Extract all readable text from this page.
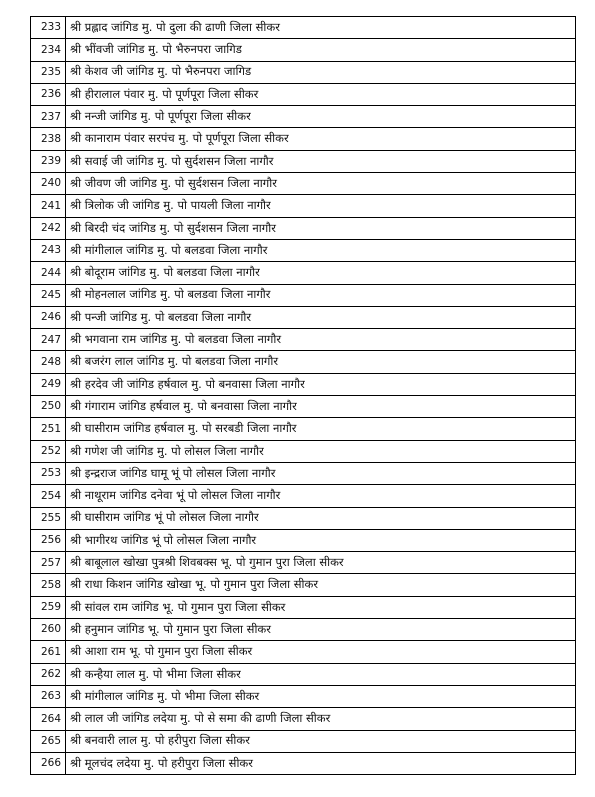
233	श्री प्रह्लाद जांगिड मु. पो दुला की ढाणी जिला सीकर
234	श्री भींवजी जांगिड मु. पो भैरुनपरा जागिड
235	श्री केशव जी जांगिड मु. पो भैरुनपरा जागिड
236	श्री हीरालाल पंवार मु. पो पूर्णपूरा जिला सीकर
237	श्री नन्जी जांगिड मु. पो पूर्णपूरा जिला सीकर
238	श्री कानाराम पंवार सरपंच मु. पो पूर्णपूरा जिला सीकर
239	श्री सवाई जी जांगिड मु. पो सुर्दशसन जिला नागौर
240	श्री जीवण जी जांगिड मु. पो सुर्दशसन जिला नागौर
241	श्री त्रिलोक जी जांगिड मु. पो पायली जिला नागौर
242	श्री बिरदी चंद जांगिड मु. पो सुर्दशसन जिला नागौर
243	श्री मांगीलाल जांगिड मु. पो बलडवा जिला नागौर
244	श्री बोदूराम जांगिड मु. पो बलडवा जिला नागौर
245	श्री मोहनलाल जांगिड मु. पो बलडवा जिला नागौर
246	श्री पन्जी जांगिड मु. पो बलडवा जिला नागौर
247	श्री भगवाना राम जांगिड मु. पो बलडवा जिला नागौर
248	श्री बजरंग लाल जांगिड मु. पो बलडवा जिला नागौर
249	श्री हरदेव जी जांगिड हर्षवाल मु. पो बनवासा जिला नागौर
250	श्री गंगाराम जांगिड हर्षवाल मु. पो बनवासा जिला नागौर
251	श्री घासीराम जांगिड हर्षवाल मु. पो सरबडी जिला नागौर
252	श्री गणेश जी जांगिड मु. पो लोसल जिला नागौर
253	श्री इन्द्रराज जांगिड घामू भूं पो लोसल जिला नागौर
254	श्री नाथूराम जांगिड दनेवा भूं पो लोसल जिला नागौर
255	श्री घासीराम जांगिड भूं पो लोसल जिला नागौर
256	श्री भागीरथ जांगिड भूं पो लोसल जिला नागौर
257	श्री बाबूलाल खोखा पुत्रश्री शिवबक्स भू. पो गुमान पुरा जिला सीकर
258	श्री राधा किशन जांगिड खोखा भू. पो गुमान पुरा जिला सीकर
259	श्री सांवल राम जांगिड भू. पो गुमान पुरा जिला सीकर
260	श्री हनुमान जांगिड भू. पो गुमान पुरा जिला सीकर
261	श्री आशा राम भू. पो गुमान पुरा जिला सीकर
262	श्री कन्हैया लाल मु. पो भीमा जिला सीकर
263	श्री मांगीलाल जांगिड मु. पो भीमा जिला सीकर
264	श्री लाल जी जांगिड लदेया मु. पो से समा की ढाणी जिला सीकर
265	श्री बनवारी लाल मु. पो हरीपुरा जिला सीकर
266	श्री मूलचंद लदेया मु. पो हरीपुरा जिला सीकर
